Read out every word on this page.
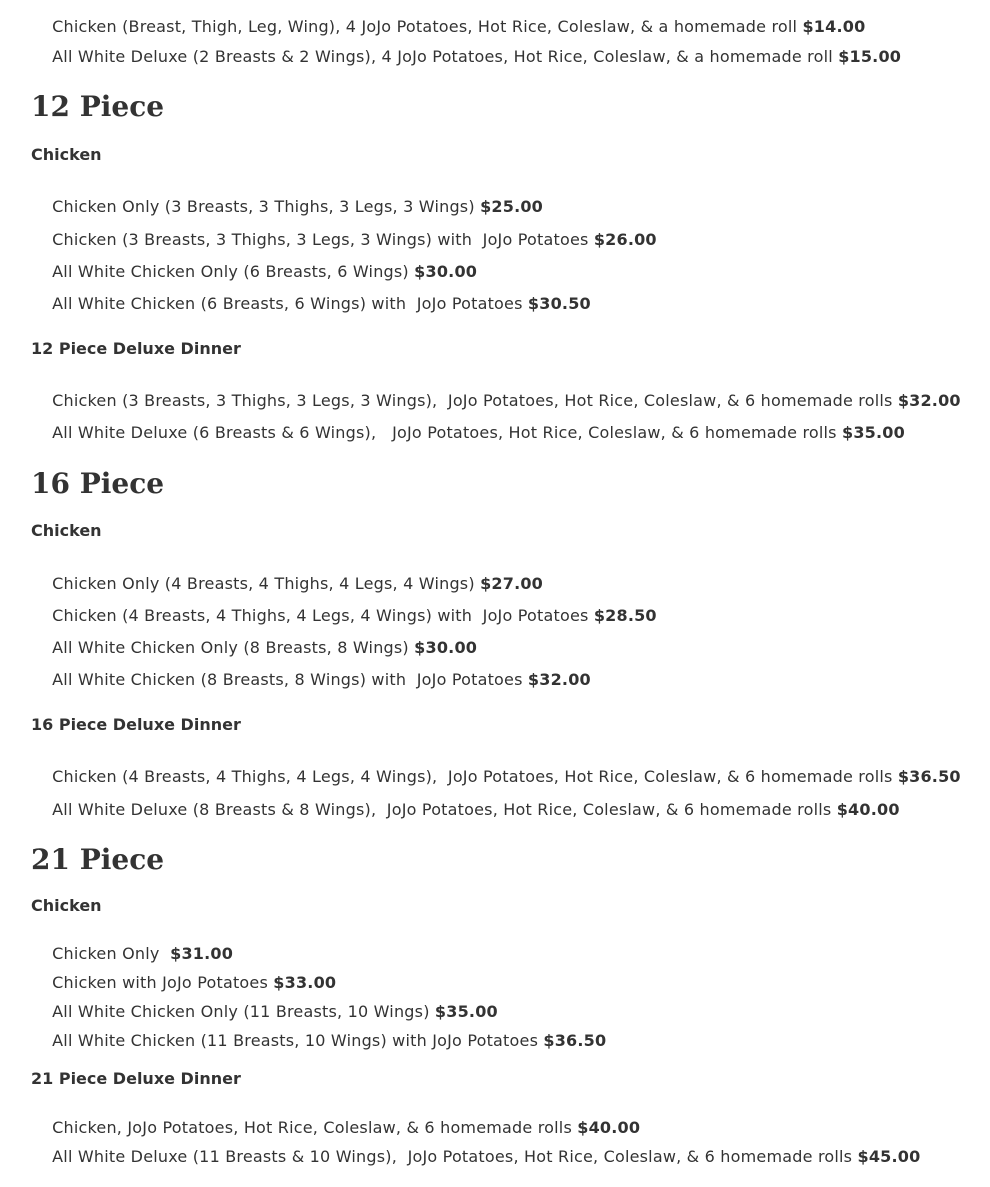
Chicken (Breast, Thigh, Leg, Wing), 4 JoJo Potatoes, Hot Rice, Coleslaw, & a homemade roll $14.00

All White Deluxe (2 Breasts & 2 Wings), 4 JoJo Potatoes, Hot Rice, Coleslaw, & a homemade roll $15.00

12 Piece
Chicken

Chicken Only (3 Breasts, 3 Thighs, 3 Legs, 3 Wings) $25.00

Chicken (3 Breasts, 3 Thighs, 3 Legs, 3 Wings) with  JoJo Potatoes $26.00

All White Chicken Only (6 Breasts, 6 Wings) $30.00

All White Chicken (6 Breasts, 6 Wings) with  JoJo Potatoes $30.50

12 Piece Deluxe Dinner

Chicken (3 Breasts, 3 Thighs, 3 Legs, 3 Wings),  JoJo Potatoes, Hot Rice, Coleslaw, & 6 homemade rolls $32.00

All White Deluxe (6 Breasts & 6 Wings),   JoJo Potatoes, Hot Rice, Coleslaw, & 6 homemade rolls $35.00

16 Piece
Chicken

Chicken Only (4 Breasts, 4 Thighs, 4 Legs, 4 Wings) $27.00

Chicken (4 Breasts, 4 Thighs, 4 Legs, 4 Wings) with  JoJo Potatoes $28.50

All White Chicken Only (8 Breasts, 8 Wings) $30.00

All White Chicken (8 Breasts, 8 Wings) with  JoJo Potatoes $32.00

16 Piece Deluxe Dinner

Chicken (4 Breasts, 4 Thighs, 4 Legs, 4 Wings),  JoJo Potatoes, Hot Rice, Coleslaw, & 6 homemade rolls $36.50

All White Deluxe (8 Breasts & 8 Wings),  JoJo Potatoes, Hot Rice, Coleslaw, & 6 homemade rolls $40.00

21 Piece
Chicken

Chicken Only  $31.00

Chicken with JoJo Potatoes $33.00

All White Chicken Only (11 Breasts, 10 Wings) $35.00

All White Chicken (11 Breasts, 10 Wings) with JoJo Potatoes $36.50

21 Piece Deluxe Dinner

Chicken, JoJo Potatoes, Hot Rice, Coleslaw, & 6 homemade rolls $40.00

All White Deluxe (11 Breasts & 10 Wings),  JoJo Potatoes, Hot Rice, Coleslaw, & 6 homemade rolls $45.00
